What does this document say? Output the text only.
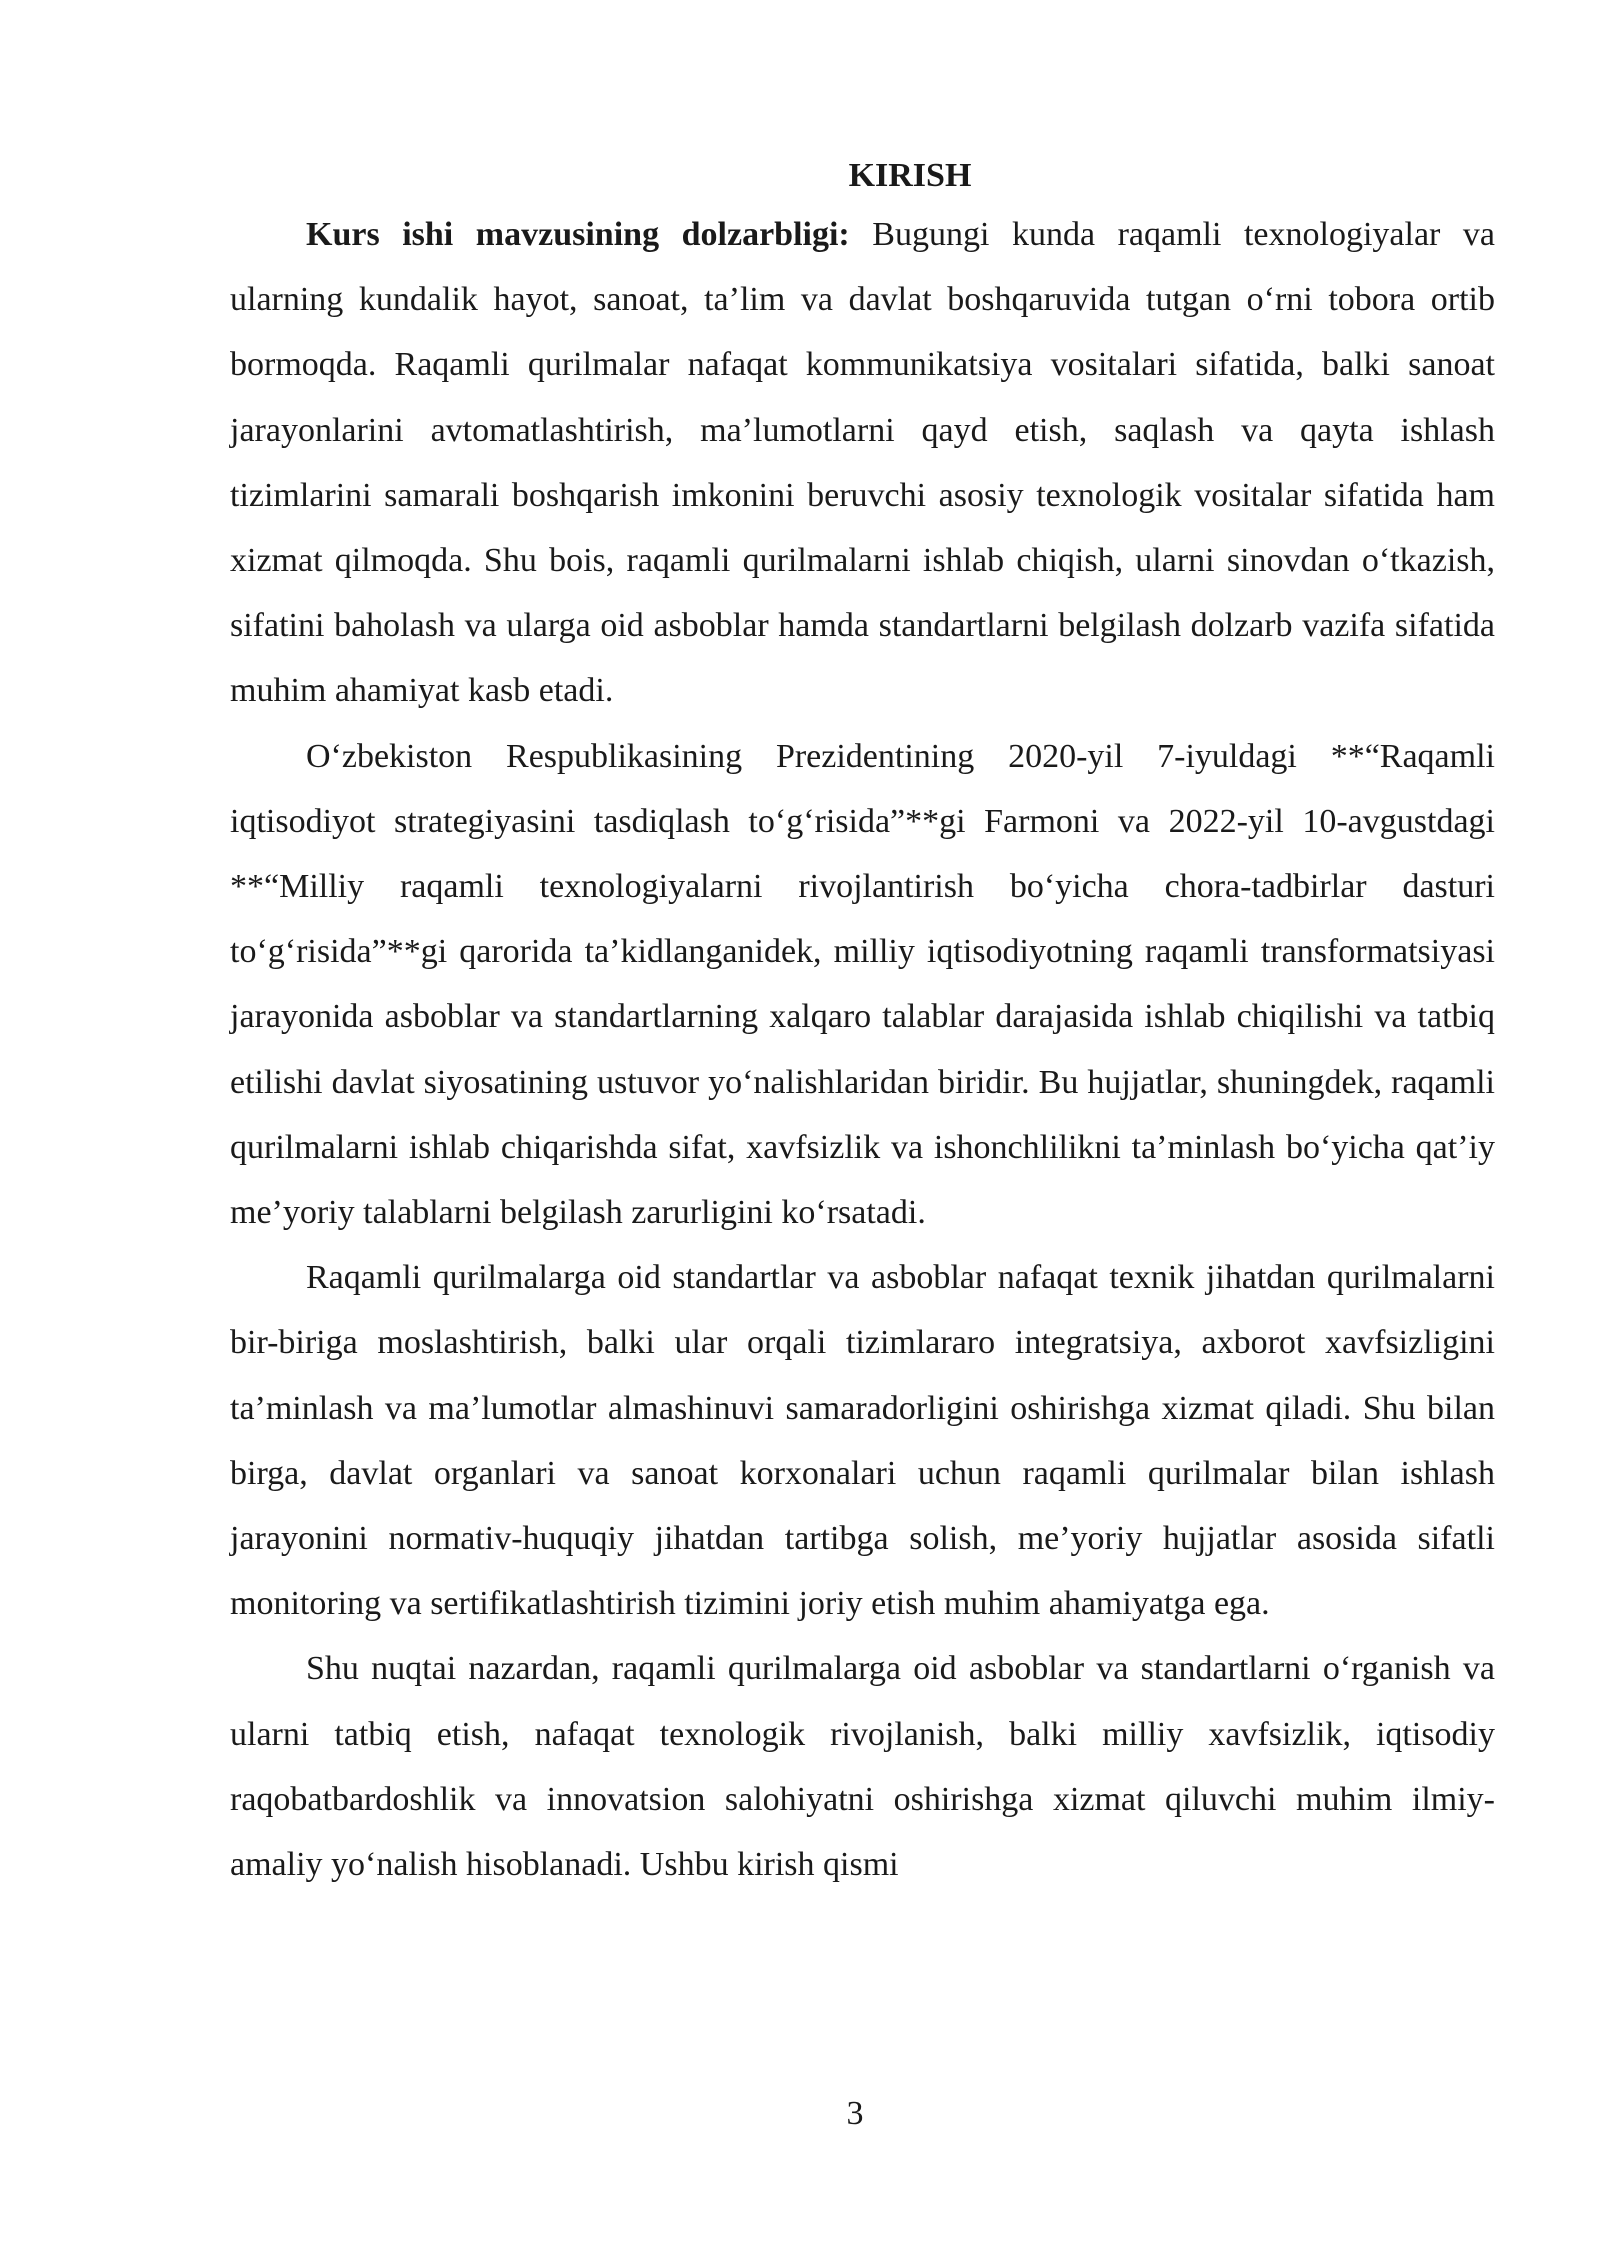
KIRISH

Kurs ishi mavzusining dolzarbligi: Bugungi kunda raqamli texnologiyalar va ularning kundalik hayot, sanoat, ta’lim va davlat boshqaruvida tutgan oʻrni tobora ortib bormoqda. Raqamli qurilmalar nafaqat kommunikatsiya vositalari sifatida, balki sanoat jarayonlarini avtomatlashtirish, ma’lumotlarni qayd etish, saqlash va qayta ishlash tizimlarini samarali boshqarish imkonini beruvchi asosiy texnologik vositalar sifatida ham xizmat qilmoqda. Shu bois, raqamli qurilmalarni ishlab chiqish, ularni sinovdan oʻtkazish, sifatini baholash va ularga oid asboblar hamda standartlarni belgilash dolzarb vazifa sifatida muhim ahamiyat kasb etadi.

Oʻzbekiston Respublikasining Prezidentining 2020-yil 7-iyuldagi **“Raqamli iqtisodiyot strategiyasini tasdiqlash toʻgʻrisida”**gi Farmoni va 2022-yil 10-avgustdagi **“Milliy raqamli texnologiyalarni rivojlantirish boʻyicha chora-tadbirlar dasturi toʻgʻrisida”**gi qarorida ta’kidlanganidek, milliy iqtisodiyotning raqamli transformatsiyasi jarayonida asboblar va standartlarning xalqaro talablar darajasida ishlab chiqilishi va tatbiq etilishi davlat siyosatining ustuvor yoʻnalishlaridan biridir. Bu hujjatlar, shuningdek, raqamli qurilmalarni ishlab chiqarishda sifat, xavfsizlik va ishonchlilikni ta’minlash boʻyicha qat’iy me’yoriy talablarni belgilash zarurligini koʻrsatadi.

Raqamli qurilmalarga oid standartlar va asboblar nafaqat texnik jihatdan qurilmalarni bir-biriga moslashtirish, balki ular orqali tizimlararo integratsiya, axborot xavfsizligini ta’minlash va ma’lumotlar almashinuvi samaradorligini oshirishga xizmat qiladi. Shu bilan birga, davlat organlari va sanoat korxonalari uchun raqamli qurilmalar bilan ishlash jarayonini normativ-huquqiy jihatdan tartibga solish, me’yoriy hujjatlar asosida sifatli monitoring va sertifikatlashtirish tizimini joriy etish muhim ahamiyatga ega.

Shu nuqtai nazardan, raqamli qurilmalarga oid asboblar va standartlarni oʻrganish va ularni tatbiq etish, nafaqat texnologik rivojlanish, balki milliy xavfsizlik, iqtisodiy raqobatbardoshlik va innovatsion salohiyatni oshirishga xizmat qiluvchi muhim ilmiy-amaliy yoʻnalish hisoblanadi. Ushbu kirish qismi

3
